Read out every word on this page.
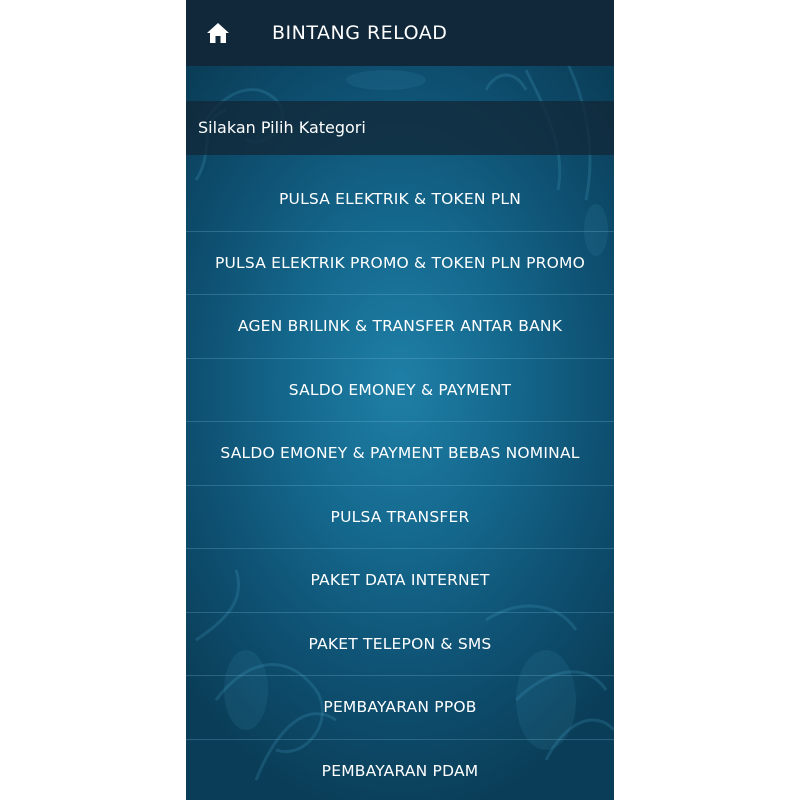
BINTANG RELOAD
Silakan Pilih Kategori
PULSA ELEKTRIK & TOKEN PLN
PULSA ELEKTRIK PROMO & TOKEN PLN PROMO
AGEN BRILINK & TRANSFER ANTAR BANK
SALDO EMONEY & PAYMENT
SALDO EMONEY & PAYMENT BEBAS NOMINAL
PULSA TRANSFER
PAKET DATA INTERNET
PAKET TELEPON & SMS
PEMBAYARAN PPOB
PEMBAYARAN PDAM
